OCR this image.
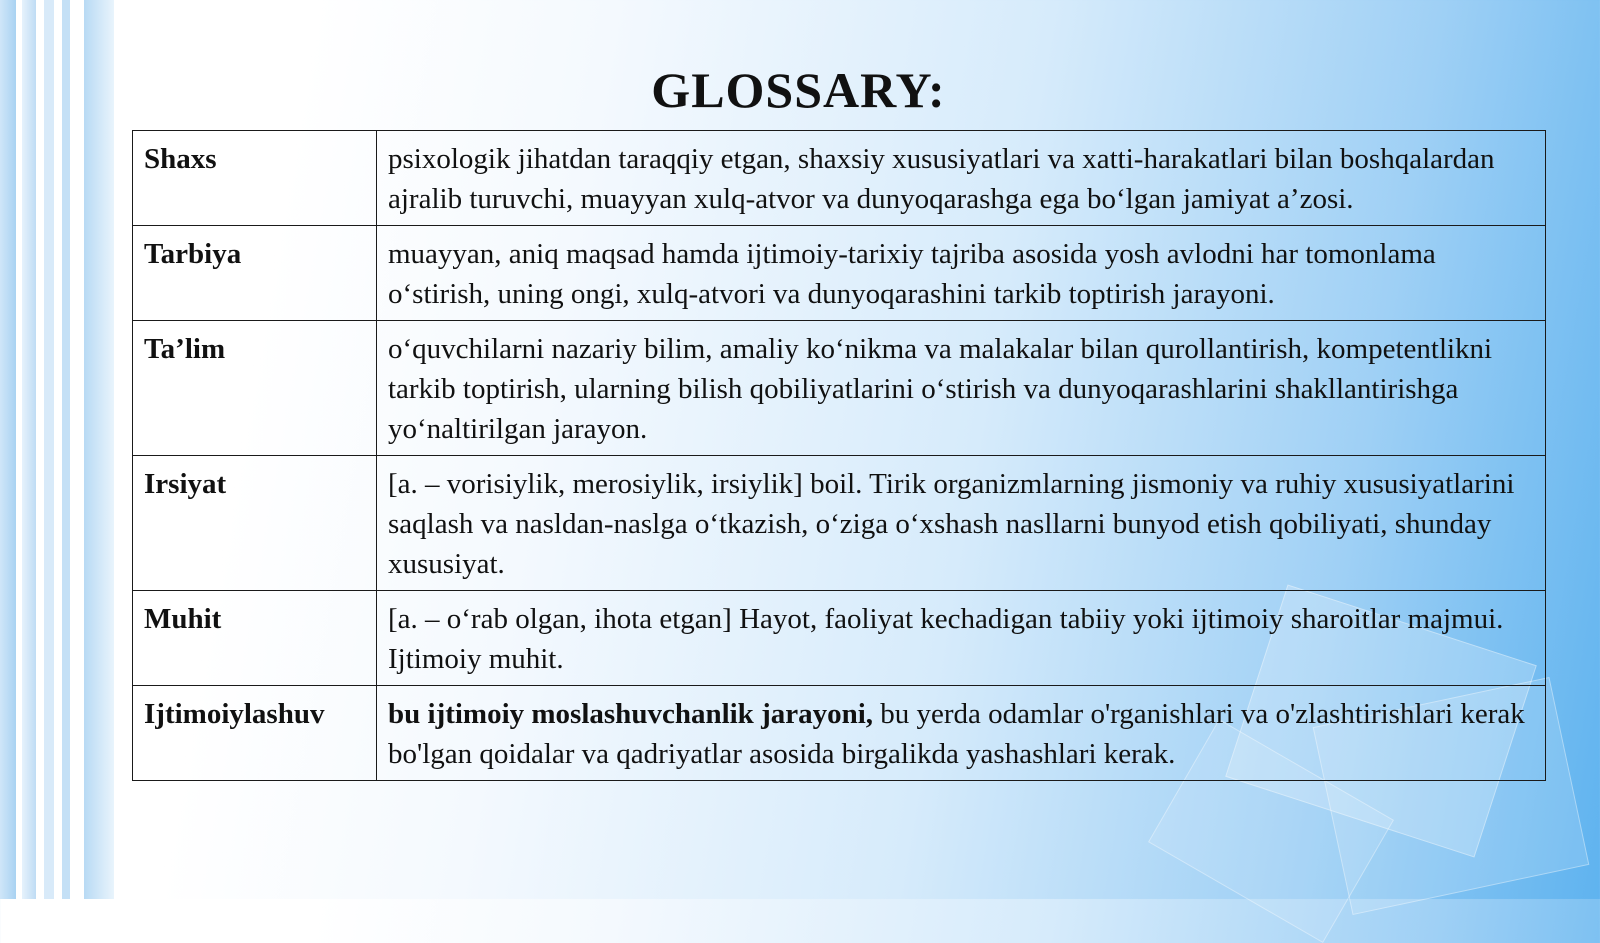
GLOSSARY:
Shaxs	psixologik jihatdan taraqqiy etgan, shaxsiy xususiyatlari va xatti-harakatlari bilan boshqalardan ajralib turuvchi, muayyan xulq-atvor va dunyoqarashga ega bo‘lgan jamiyat a’zosi.
Tarbiya	muayyan, aniq maqsad hamda ijtimoiy-tarixiy tajriba asosida yosh avlodni har tomonlama o‘stirish, uning ongi, xulq-atvori va dunyoqarashini tarkib toptirish jarayoni.
Ta’lim	o‘quvchilarni nazariy bilim, amaliy ko‘nikma va malakalar bilan qurollantirish, kompetentlikni tarkib toptirish, ularning bilish qobiliyatlarini o‘stirish va dunyoqarashlarini shakllantirishga yo‘naltirilgan jarayon.
Irsiyat	[a. – vorisiylik, merosiylik, irsiylik] boil. Tirik organizmlarning jismoniy va ruhiy xususiyatlarini saqlash va nasldan-naslga o‘tkazish, o‘ziga o‘xshash nasllarni bunyod etish qobiliyati, shunday xususiyat.
Muhit	[a. – o‘rab olgan, ihota etgan] Hayot, faoliyat kechadigan tabiiy yoki ijtimoiy sharoitlar majmui. Ijtimoiy muhit.
Ijtimoiylashuv	bu ijtimoiy moslashuvchanlik jarayoni, bu yerda odamlar o'rganishlari va o'zlashtirishlari kerak bo'lgan qoidalar va qadriyatlar asosida birgalikda yashashlari kerak.
